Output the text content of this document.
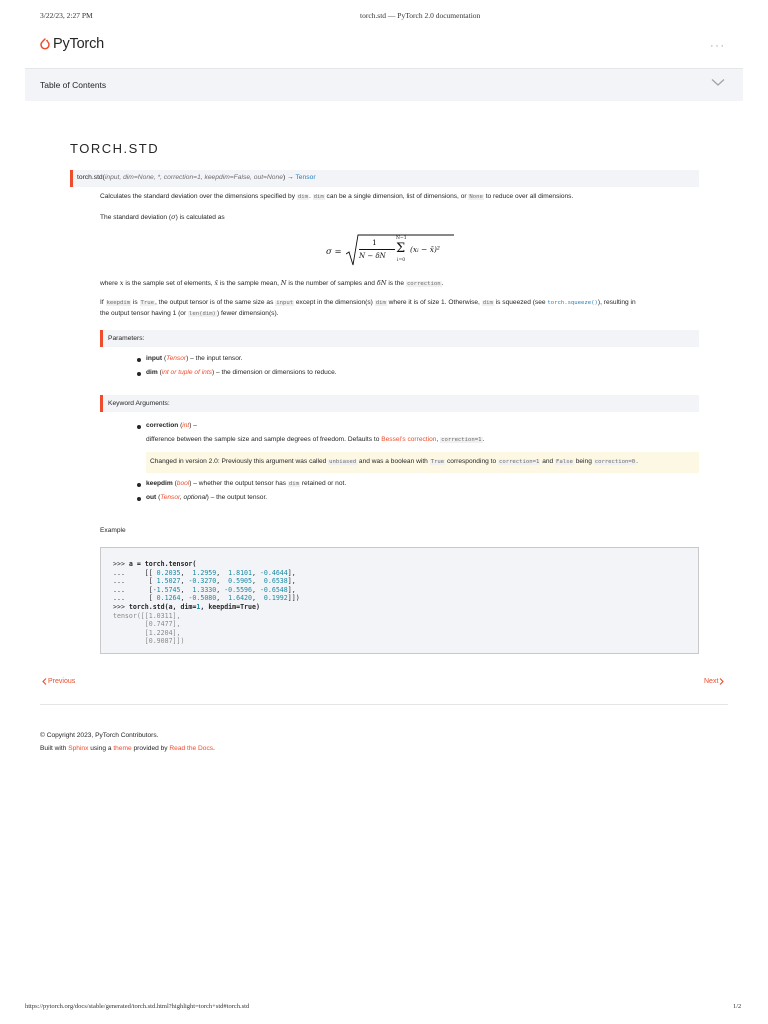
3/22/23, 2:27 PM	torch.std — PyTorch 2.0 documentation
PyTorch	···
Table of Contents
TORCH.STD
torch.std(input, dim=None, *, correction=1, keepdim=False, out=None) → Tensor
Calculates the standard deviation over the dimensions specified by dim. dim can be a single dimension, list of dimensions, or None to reduce over all dimensions.
The standard deviation (σ) is calculated as
σ =
1
N − δN
N−1
Σ
i=0
(xᵢ − x̄)²
where x is the sample set of elements, x̄ is the sample mean, N is the number of samples and δN is the correction.
If keepdim is True, the output tensor is of the same size as input except in the dimension(s) dim where it is of size 1. Otherwise, dim is squeezed (see torch.squeeze()), resulting in
the output tensor having 1 (or len(dim)) fewer dimension(s).
Parameters:
input (Tensor) – the input tensor.
dim (int or tuple of ints) – the dimension or dimensions to reduce.
Keyword Arguments:
correction (int) –
difference between the sample size and sample degrees of freedom. Defaults to Bessel’s correction, correction=1.
Changed in version 2.0: Previously this argument was called unbiased and was a boolean with True corresponding to correction=1 and False being correction=0.
keepdim (bool) – whether the output tensor has dim retained or not.
out (Tensor, optional) – the output tensor.
Example
>>> a = torch.tensor(
...     [[ 0.2035,  1.2959,  1.8101, -0.4644],
...      [ 1.5027, -0.3270,  0.5905,  0.6538],
...      [-1.5745,  1.3330, -0.5596, -0.6548],
...      [ 0.1264, -0.5080,  1.6420,  0.1992]])
>>> torch.std(a, dim=1, keepdim=True)
tensor([[1.0311],
[0.7477],
[1.2204],
[0.9087]])
Previous	Next
© Copyright 2023, PyTorch Contributors.
Built with Sphinx using a theme provided by Read the Docs.
https://pytorch.org/docs/stable/generated/torch.std.html?highlight=torch+std#torch.std	1/2
